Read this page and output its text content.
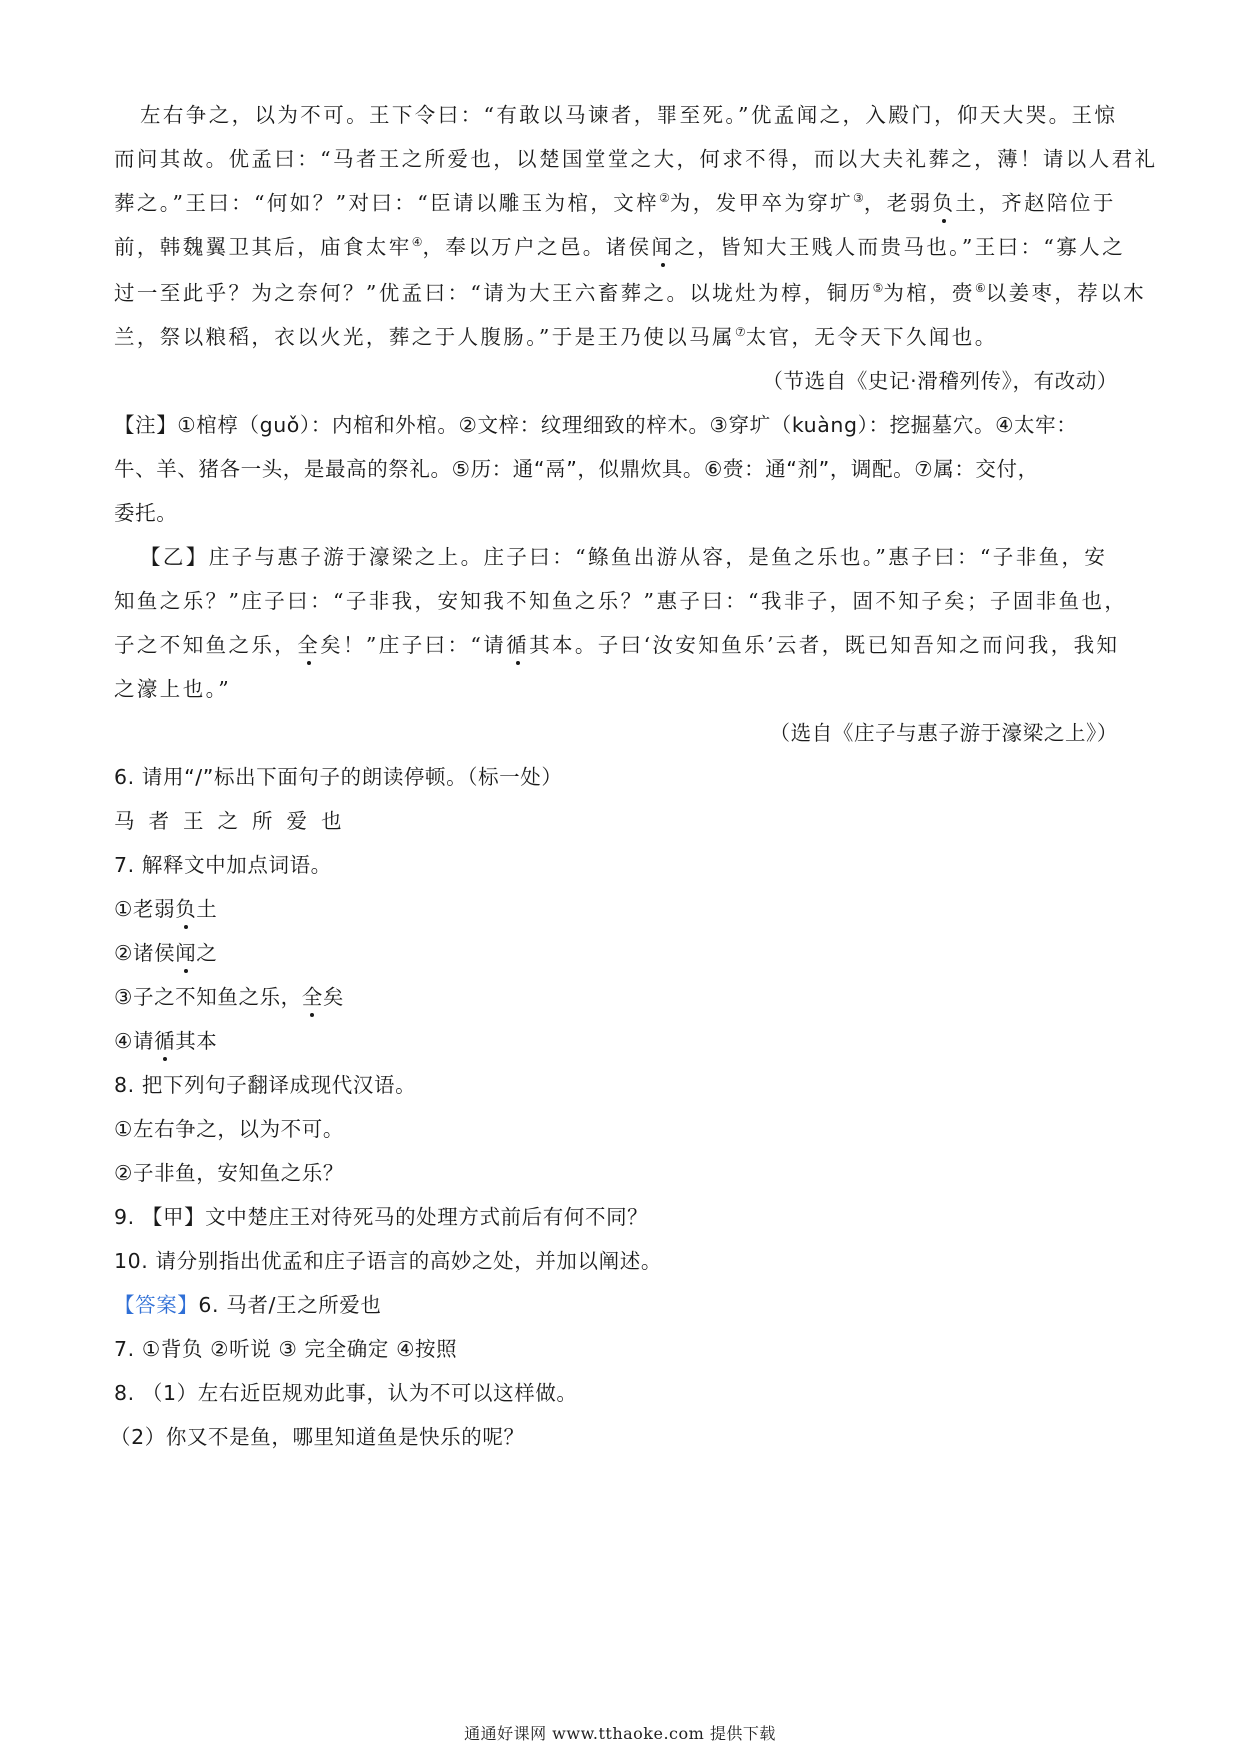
左右争之，以为不可。王下令曰：“有敢以马谏者，罪至死。”优孟闻之，入殿门，仰天大哭。王惊
而问其故。优孟曰：“马者王之所爱也，以楚国堂堂之大，何求不得，而以大夫礼葬之，薄！请以人君礼
葬之。”王曰：“何如？”对曰：“臣请以雕玉为棺，文梓②为，发甲卒为穿圹③，老弱负土，齐赵陪位于
前，韩魏翼卫其后，庙食太牢④，奉以万户之邑。诸侯闻之，皆知大王贱人而贵马也。”王曰：“寡人之
过一至此乎？为之奈何？”优孟曰：“请为大王六畜葬之。以垅灶为椁，铜历⑤为棺，赍⑥以姜枣，荐以木
兰，祭以粮稻，衣以火光，葬之于人腹肠。”于是王乃使以马属⑦太官，无令天下久闻也。
（节选自《史记·滑稽列传》，有改动）
【注】①棺椁（guǒ）：内棺和外棺。②文梓：纹理细致的梓木。③穿圹（kuàng）：挖掘墓穴。④太牢：
牛、羊、猪各一头，是最高的祭礼。⑤历：通“鬲”，似鼎炊具。⑥赍：通“剂”，调配。⑦属：交付，
委托。
【乙】庄子与惠子游于濠梁之上。庄子曰：“鲦鱼出游从容，是鱼之乐也。”惠子曰：“子非鱼，安
知鱼之乐？”庄子曰：“子非我，安知我不知鱼之乐？”惠子曰：“我非子，固不知子矣；子固非鱼也，
子之不知鱼之乐，全矣！”庄子曰：“请循其本。子曰‘汝安知鱼乐’云者，既已知吾知之而问我，我知
之濠上也。”
（选自《庄子与惠子游于濠梁之上》）
6. 请用“/”标出下面句子的朗读停顿。（标一处）
马者王之所爱也
7. 解释文中加点词语。
①老弱负土
②诸侯闻之
③子之不知鱼之乐，全矣
④请循其本
8. 把下列句子翻译成现代汉语。
①左右争之，以为不可。
②子非鱼，安知鱼之乐？
9. 【甲】文中楚庄王对待死马的处理方式前后有何不同？
10. 请分别指出优孟和庄子语言的高妙之处，并加以阐述。
【答案】6. 马者/王之所爱也
7. ①背负 ②听说 ③ 完全确定 ④按照
8. （1）左右近臣规劝此事，认为不可以这样做。
（2）你又不是鱼，哪里知道鱼是快乐的呢？
通通好课网 www.tthaoke.com 提供下载
